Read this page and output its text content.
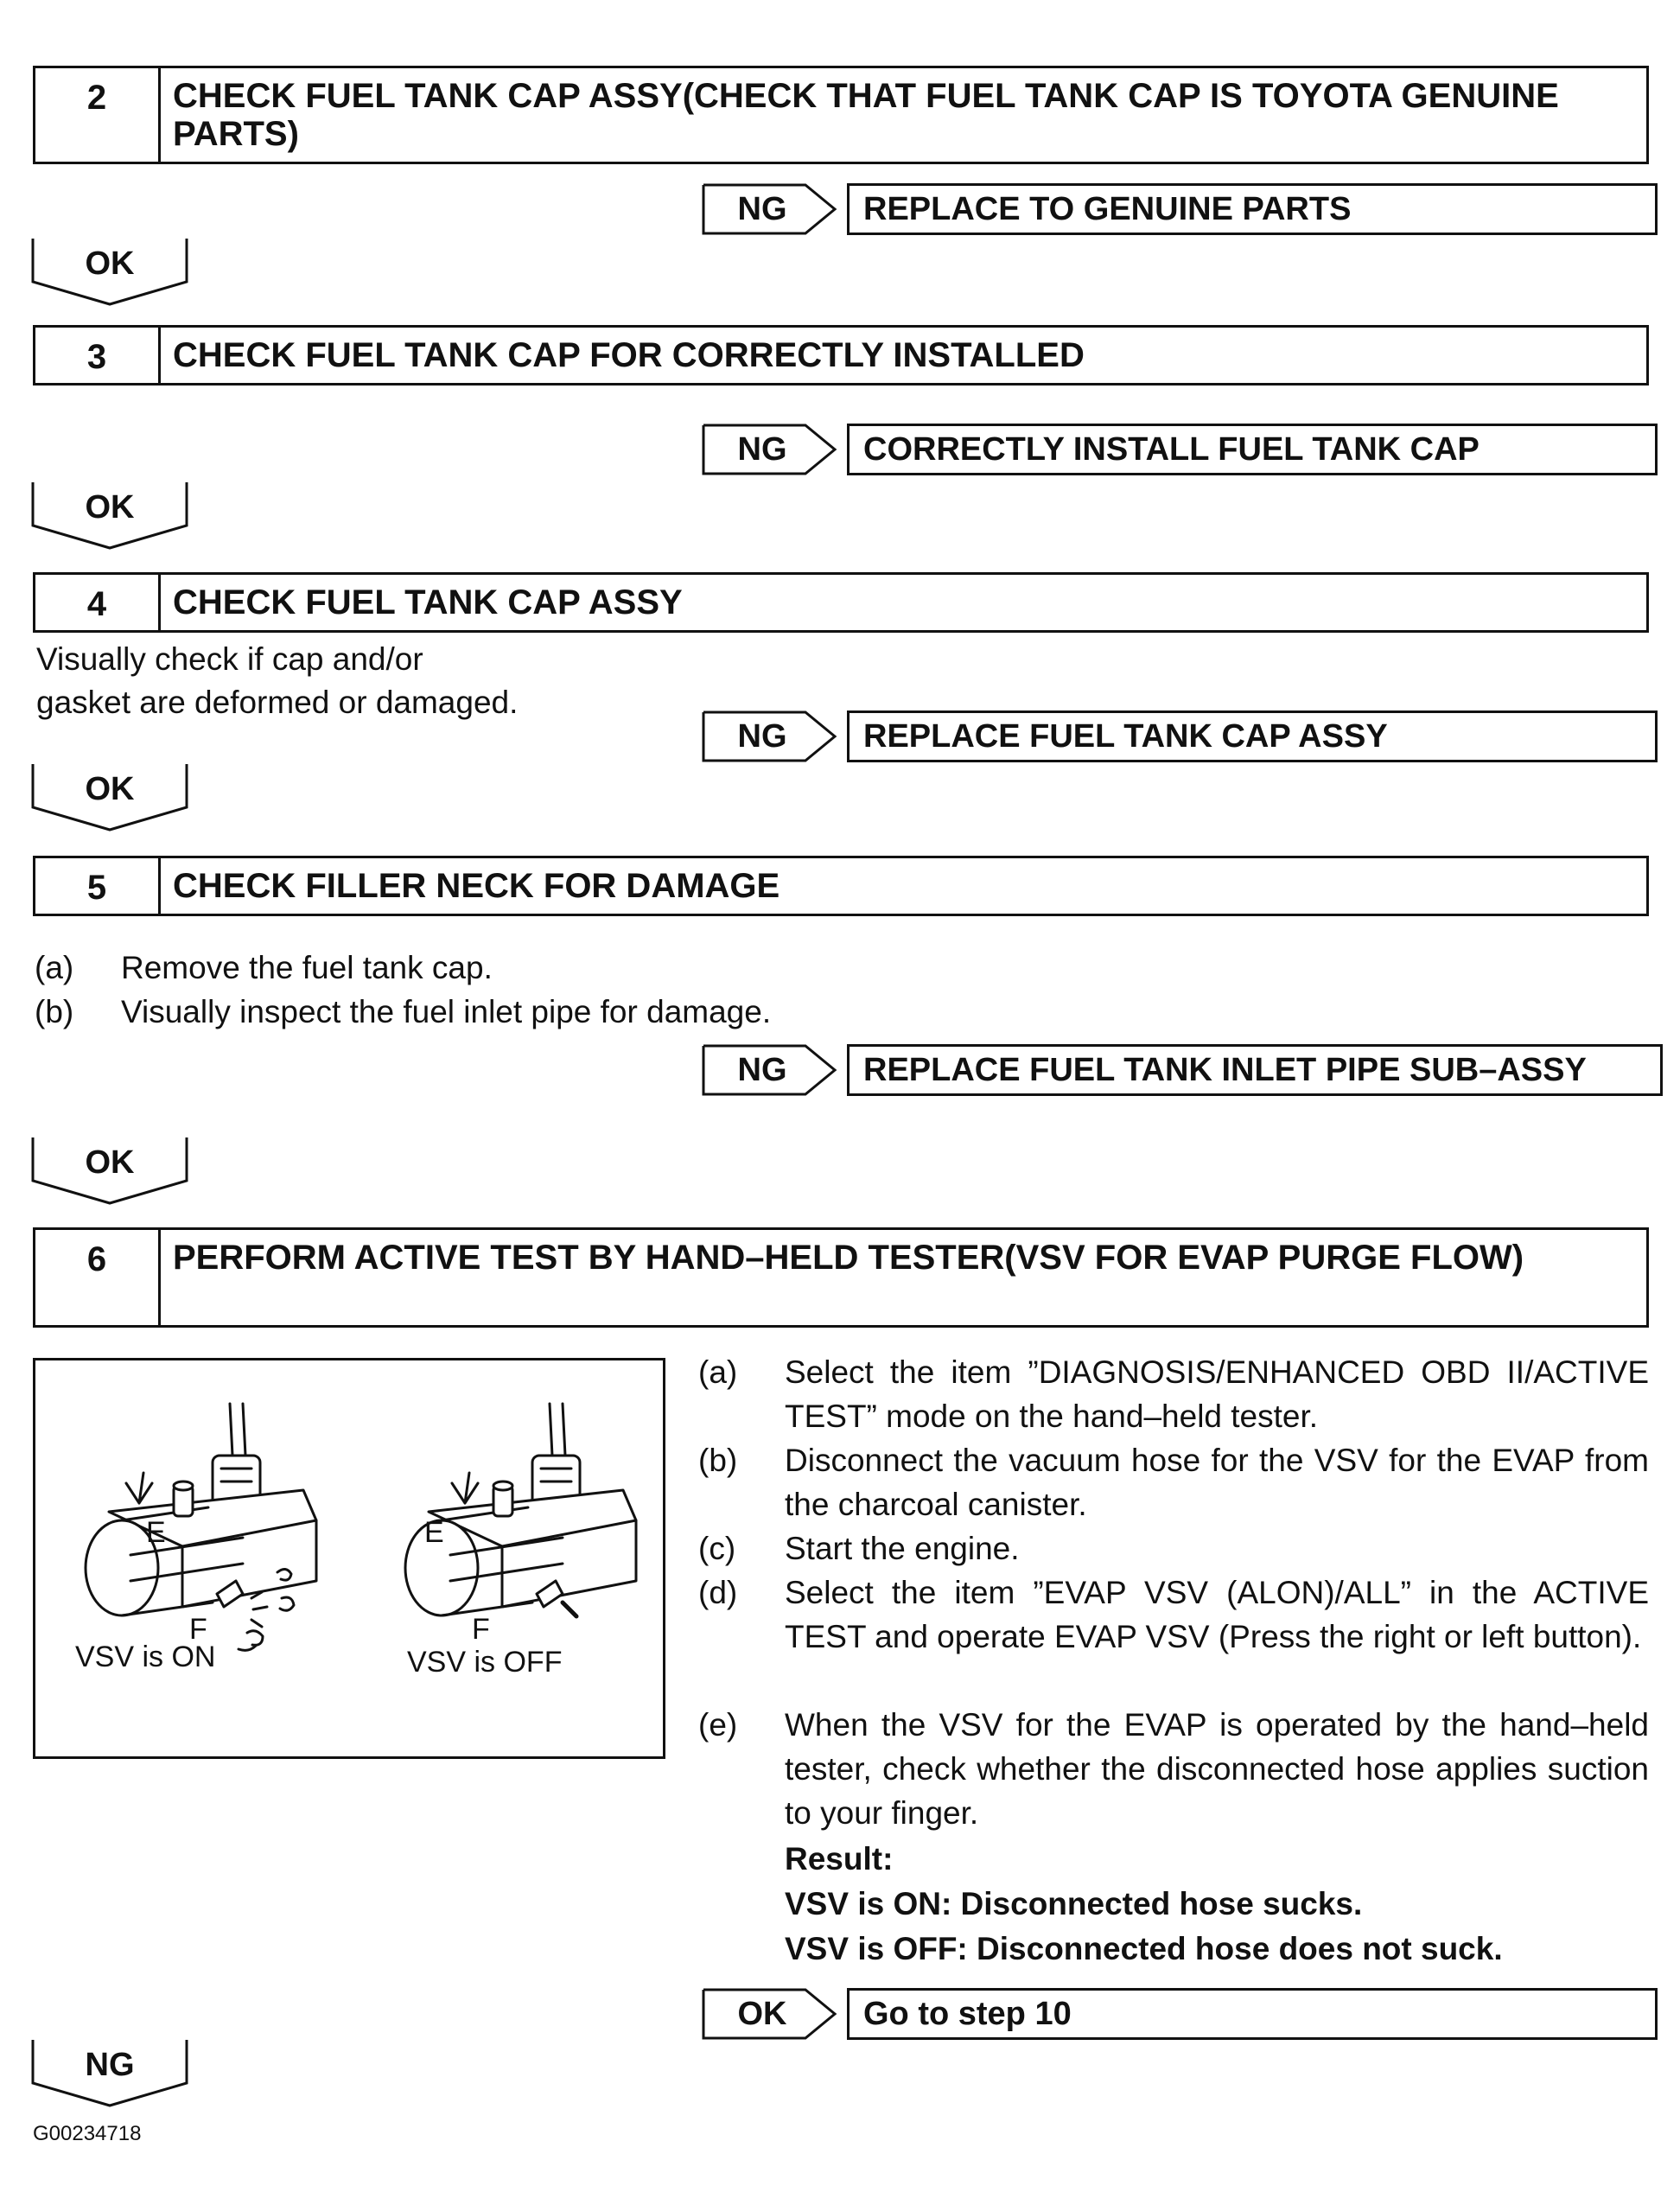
2	CHECK FUEL TANK CAP ASSY(CHECK THAT FUEL TANK CAP IS TOYOTA GENUINE PARTS)
NG	REPLACE TO GENUINE PARTS
OK
3	CHECK FUEL TANK CAP FOR CORRECTLY INSTALLED
NG	CORRECTLY INSTALL FUEL TANK CAP
OK
4	CHECK FUEL TANK CAP ASSY
Visually check if cap and/or
gasket are deformed or damaged.
NG	REPLACE FUEL TANK CAP ASSY
OK
5	CHECK FILLER NECK FOR DAMAGE
(a) Remove the fuel tank cap.
(b) Visually inspect the fuel inlet pipe for damage.
NG	REPLACE FUEL TANK INLET PIPE SUB–ASSY
OK
6	PERFORM ACTIVE TEST BY HAND–HELD TESTER(VSV FOR EVAP PURGE FLOW)
E
F
VSV is ON
E
F
VSV is OFF
(a) Select the item ”DIAGNOSIS/ENHANCED OBD II/ACTIVE TEST” mode on the hand–held tester.
(b) Disconnect the vacuum hose for the VSV for the EVAP from the charcoal canister.
(c) Start the engine.
(d) Select the item ”EVAP VSV (ALON)/ALL” in the ACTIVE TEST and operate EVAP VSV (Press the right or left button).
(e) When the VSV for the EVAP is operated by the hand–held tester, check whether the disconnected hose applies suction to your finger.
Result:
VSV is ON: Disconnected hose sucks.
VSV is OFF: Disconnected hose does not suck.
OK	Go to step 10
NG
G00234718
